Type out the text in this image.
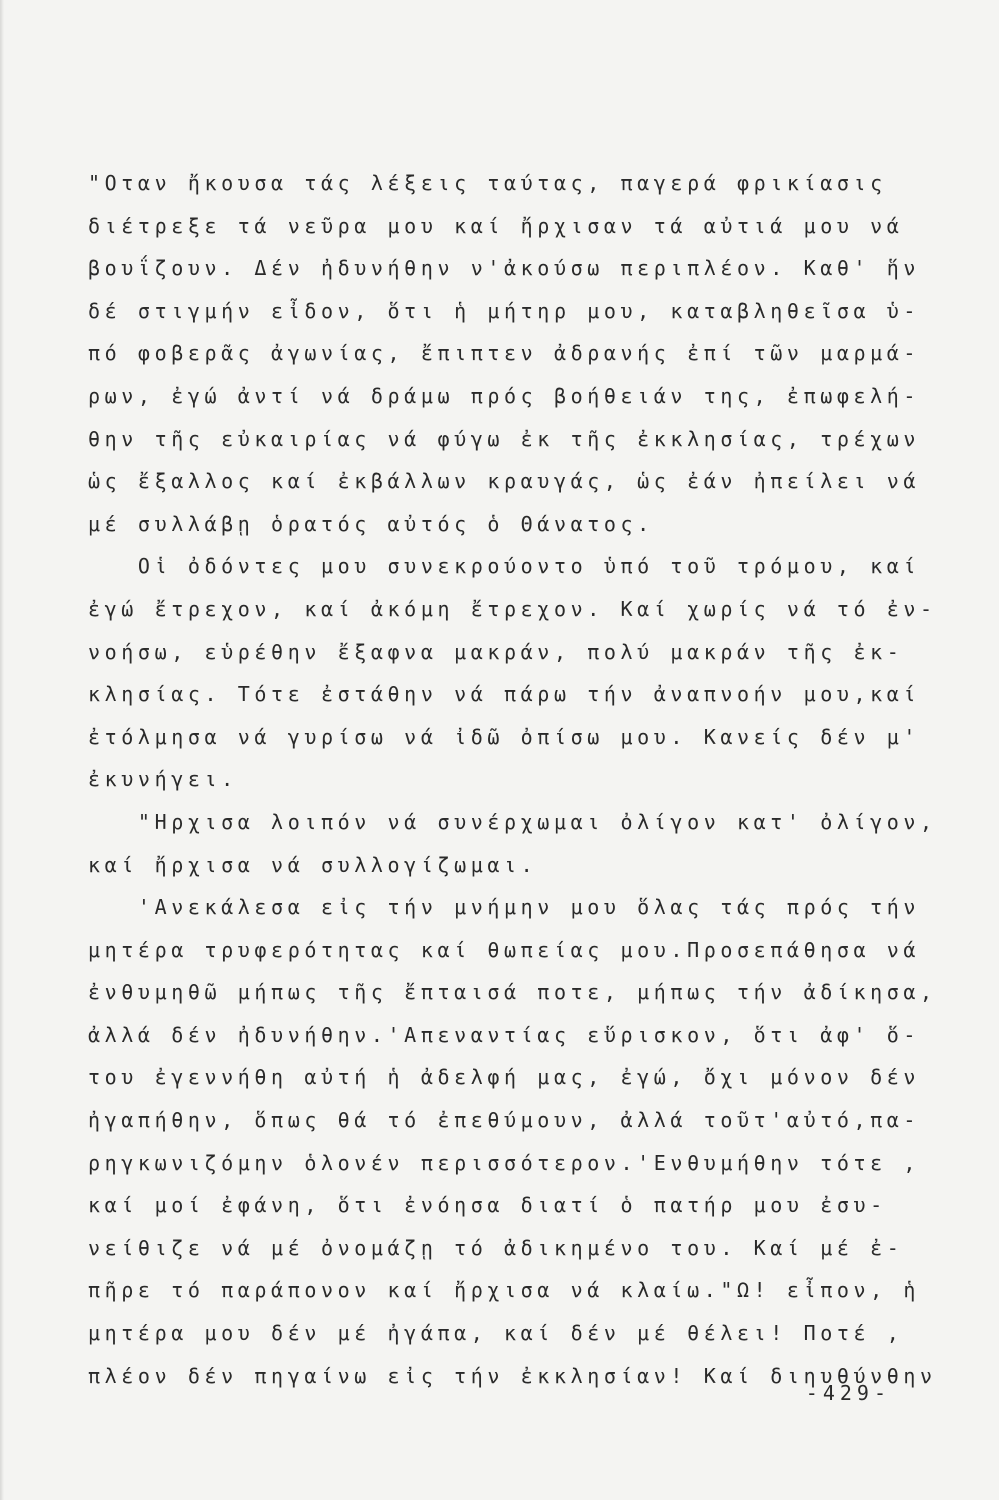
"Οταν ἤκουσα τάς λέξεις ταύτας, παγερά φρικίασις
διέτρεξε τά νεῦρα μου καί ἤρχισαν τά αὐτιά μου νά
βουΐζουν. Δέν ἠδυνήθην ν'ἀκούσω περιπλέον. Καθ' ἥν
δέ στιγμήν εἶδον, ὅτι ἡ μήτηρ μου, καταβληθεῖσα ὑ-
πό φοβερᾶς ἀγωνίας, ἔπιπτεν ἀδρανής ἐπί τῶν μαρμά-
ρων, ἐγώ ἀντί νά δράμω πρός βοήθειάν της, ἐπωφελή-
θην τῆς εὐκαιρίας νά φύγω ἐκ τῆς ἐκκλησίας, τρέχων
ὡς ἔξαλλος καί ἐκβάλλων κραυγάς, ὡς ἐάν ἠπείλει νά
μέ συλλάβῃ ὁρατός αὐτός ὁ Θάνατος.
Οἱ ὀδόντες μου συνεκρούοντο ὑπό τοῦ τρόμου, καί
ἐγώ ἔτρεχον, καί ἀκόμη ἔτρεχον. Καί χωρίς νά τό ἐν-
νοήσω, εὑρέθην ἔξαφνα μακράν, πολύ μακράν τῆς ἐκ-
κλησίας. Τότε ἐστάθην νά πάρω τήν ἀναπνοήν μου,καί
ἐτόλμησα νά γυρίσω νά ἰδῶ ὀπίσω μου. Κανείς δέν μ'
ἐκυνήγει.
"Ηρχισα λοιπόν νά συνέρχωμαι ὀλίγον κατ' ὀλίγον,
καί ἤρχισα νά συλλογίζωμαι.
'Ανεκάλεσα εἰς τήν μνήμην μου ὅλας τάς πρός τήν
μητέρα τρυφερότητας καί θωπείας μου.Προσεπάθησα νά
ἐνθυμηθῶ μήπως τῆς ἔπταισά ποτε, μήπως τήν ἀδίκησα,
ἀλλά δέν ἠδυνήθην.'Απεναντίας εὕρισκον, ὅτι ἀφ' ὅ-
του ἐγεννήθη αὐτή ἡ ἀδελφή μας, ἐγώ, ὄχι μόνον δέν
ἠγαπήθην, ὅπως θά τό ἐπεθύμουν, ἀλλά τοῦτ'αὐτό,πα-
ρηγκωνιζόμην ὁλονέν περισσότερον.'Ενθυμήθην τότε ,
καί μοί ἐφάνη, ὅτι ἐνόησα διατί ὁ πατήρ μου ἐσυ-
νείθιζε νά μέ ὀνομάζῃ τό ἀδικημένο του. Καί μέ ἐ-
πῆρε τό παράπονον καί ἤρχισα νά κλαίω."Ω! εἶπον, ἡ
μητέρα μου δέν μέ ἠγάπα, καί δέν μέ θέλει! Ποτέ ,
πλέον δέν πηγαίνω εἰς τήν ἐκκλησίαν! Καί διηυθύνθην
-429-
